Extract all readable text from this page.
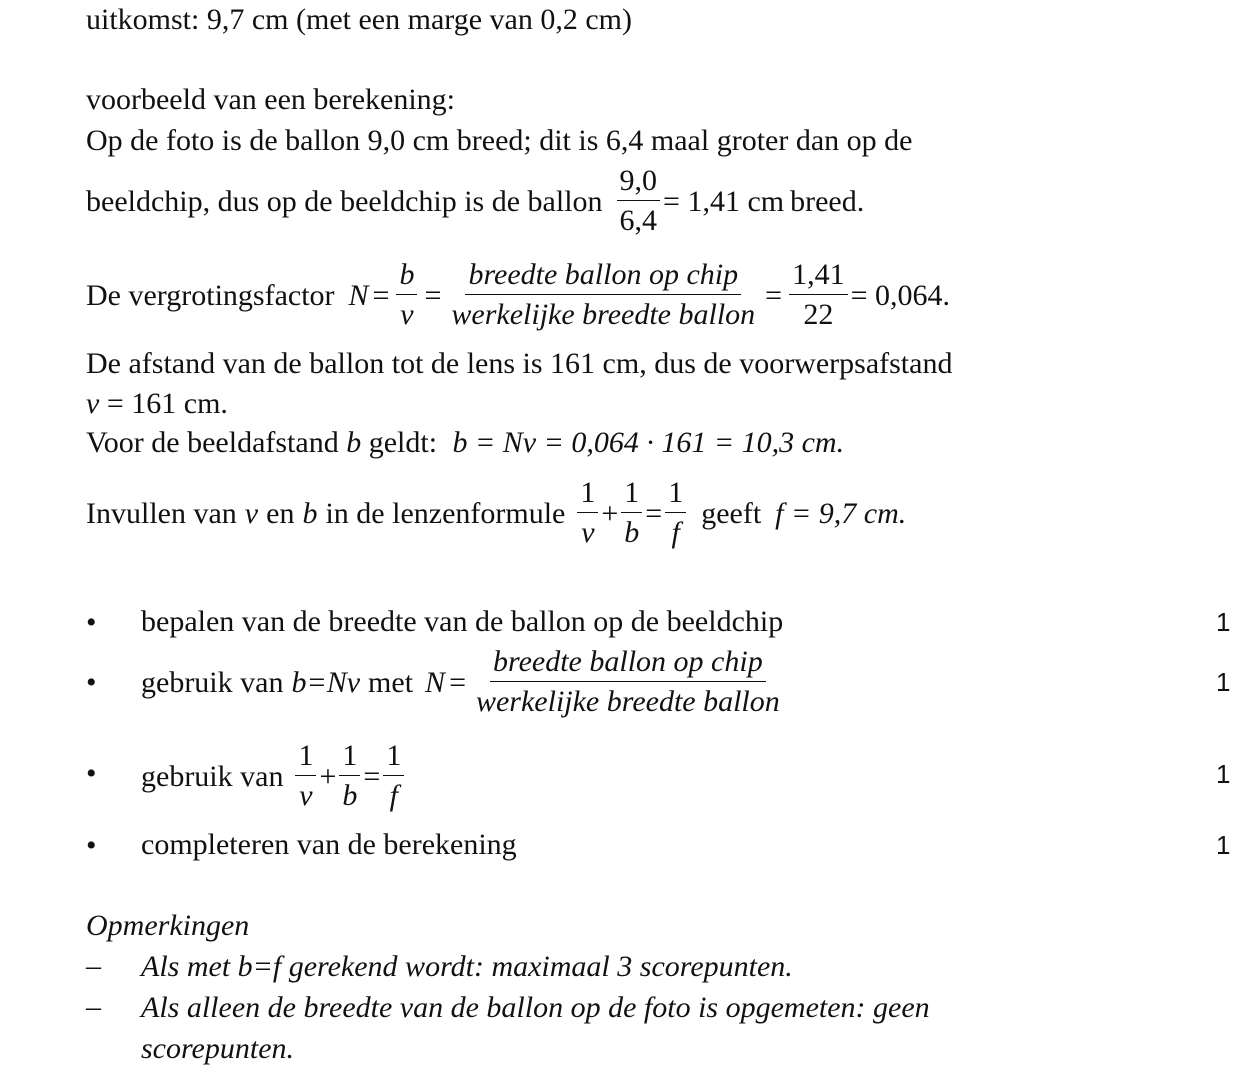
uitkomst: 9,7 cm (met een marge van 0,2 cm)
voorbeeld van een berekening:
Op de foto is de ballon 9,0 cm breed; dit is 6,4 maal groter dan op de
beeldchip, dus op de beeldchip is de ballon $\frac{9,0}{6,4} = 1,41$ cm breed.
De vergrotingsfactor $N = \frac{b}{v} = \frac{\text{breedte ballon op chip}}{\text{werkelijke breedte ballon}} = \frac{1,41}{22} = 0,064$.
De afstand van de ballon tot de lens is 161 cm, dus de voorwerpsafstand
v = 161 cm.
Voor de beeldafstand b geldt: b = Nv = 0,064 · 161 = 10,3 cm.
Invullen van v en b in de lenzenformule $\frac{1}{v} + \frac{1}{b} = \frac{1}{f}$ geeft f = 9,7 cm.
•	bepalen van de breedte van de ballon op de beeldchip	1
•	gebruik van b=Nv met $N = \frac{\text{breedte ballon op chip}}{\text{werkelijke breedte ballon}}$	1
•	gebruik van $\frac{1}{v} + \frac{1}{b} = \frac{1}{f}$	1
•	completeren van de berekening	1
Opmerkingen
– Als met b=f gerekend wordt: maximaal 3 scorepunten.
– Als alleen de breedte van de ballon op de foto is opgemeten: geen
scorepunten.
